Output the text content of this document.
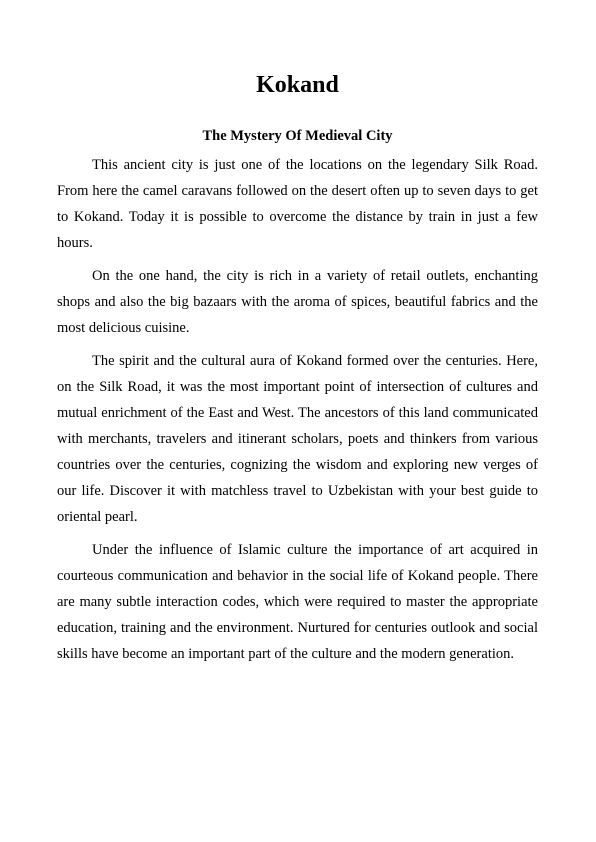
Kokand
The Mystery Of Medieval City

This ancient city is just one of the locations on the legendary Silk Road. From here the camel caravans followed on the desert often up to seven days to get to Kokand. Today it is possible to overcome the distance by train in just a few hours.

On the one hand, the city is rich in a variety of retail outlets, enchanting shops and also the big bazaars with the aroma of spices, beautiful fabrics and the most delicious cuisine.

The spirit and the cultural aura of Kokand formed over the centuries. Here, on the Silk Road, it was the most important point of intersection of cultures and mutual enrichment of the East and West. The ancestors of this land communicated with merchants, travelers and itinerant scholars, poets and thinkers from various countries over the centuries, cognizing the wisdom and exploring new verges of our life. Discover it with matchless travel to Uzbekistan with your best guide to oriental pearl.

Under the influence of Islamic culture the importance of art acquired in courteous communication and behavior in the social life of Kokand people. There are many subtle interaction codes, which were required to master the appropriate education, training and the environment. Nurtured for centuries outlook and social skills have become an important part of the culture and the modern generation.
